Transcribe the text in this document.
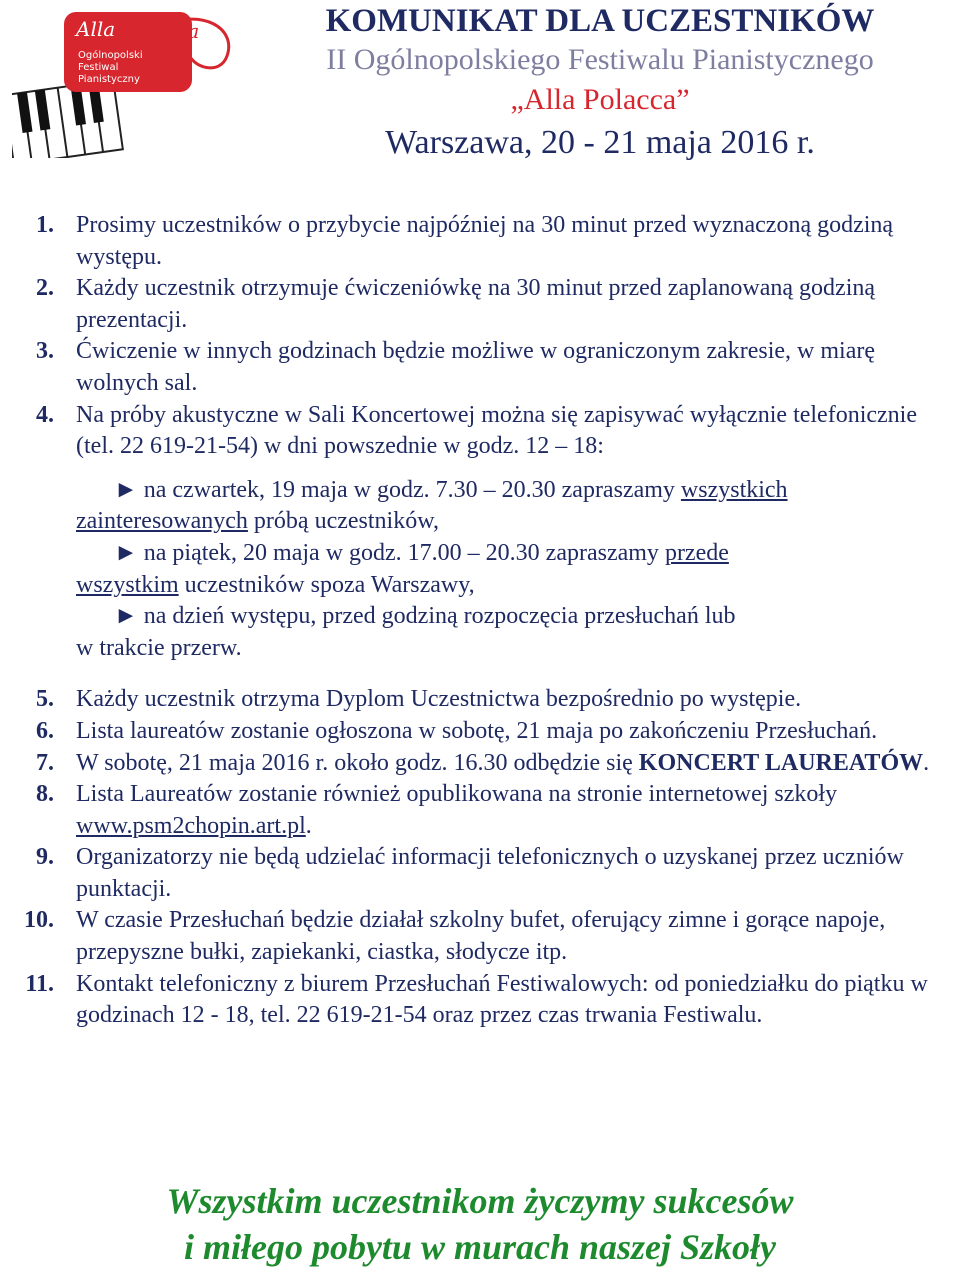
Alla Polacca
Ogólnopolski
Festiwal
Pianistyczny
KOMUNIKAT DLA UCZESTNIKÓW
II Ogólnopolskiego Festiwalu Pianistycznego
„Alla Polacca”
Warszawa, 20 - 21 maja 2016 r.
1. Prosimy uczestników o przybycie najpóźniej na 30 minut przed wyznaczoną godziną występu.
2. Każdy uczestnik otrzymuje ćwiczeniówkę na 30 minut przed zaplanowaną godziną prezentacji.
3. Ćwiczenie w innych godzinach będzie możliwe w ograniczonym zakresie, w miarę wolnych sal.
4. Na próby akustyczne w Sali Koncertowej można się zapisywać wyłącznie telefonicznie (tel. 22 619-21-54) w dni powszednie w godz. 12 – 18:
► na czwartek, 19 maja w godz. 7.30 – 20.30 zapraszamy wszystkich
zainteresowanych próbą uczestników,
► na piątek, 20 maja w godz. 17.00 – 20.30 zapraszamy przede
wszystkim uczestników spoza Warszawy,
► na dzień występu, przed godziną rozpoczęcia przesłuchań lub
w trakcie przerw.
5. Każdy uczestnik otrzyma Dyplom Uczestnictwa bezpośrednio po występie.
6. Lista laureatów zostanie ogłoszona w sobotę, 21 maja po zakończeniu Przesłuchań.
7. W sobotę, 21 maja 2016 r. około godz. 16.30 odbędzie się KONCERT LAUREATÓW.
8. Lista Laureatów zostanie również opublikowana na stronie internetowej szkoły www.psm2chopin.art.pl.
9. Organizatorzy nie będą udzielać informacji telefonicznych o uzyskanej przez uczniów punktacji.
10. W czasie Przesłuchań będzie działał szkolny bufet, oferujący zimne i gorące napoje, przepyszne bułki, zapiekanki, ciastka, słodycze itp.
11. Kontakt telefoniczny z biurem Przesłuchań Festiwalowych: od poniedziałku do piątku w godzinach 12 - 18, tel. 22 619-21-54 oraz przez czas trwania Festiwalu.
Wszystkim uczestnikom życzymy sukcesów
i miłego pobytu w murach naszej Szkoły
